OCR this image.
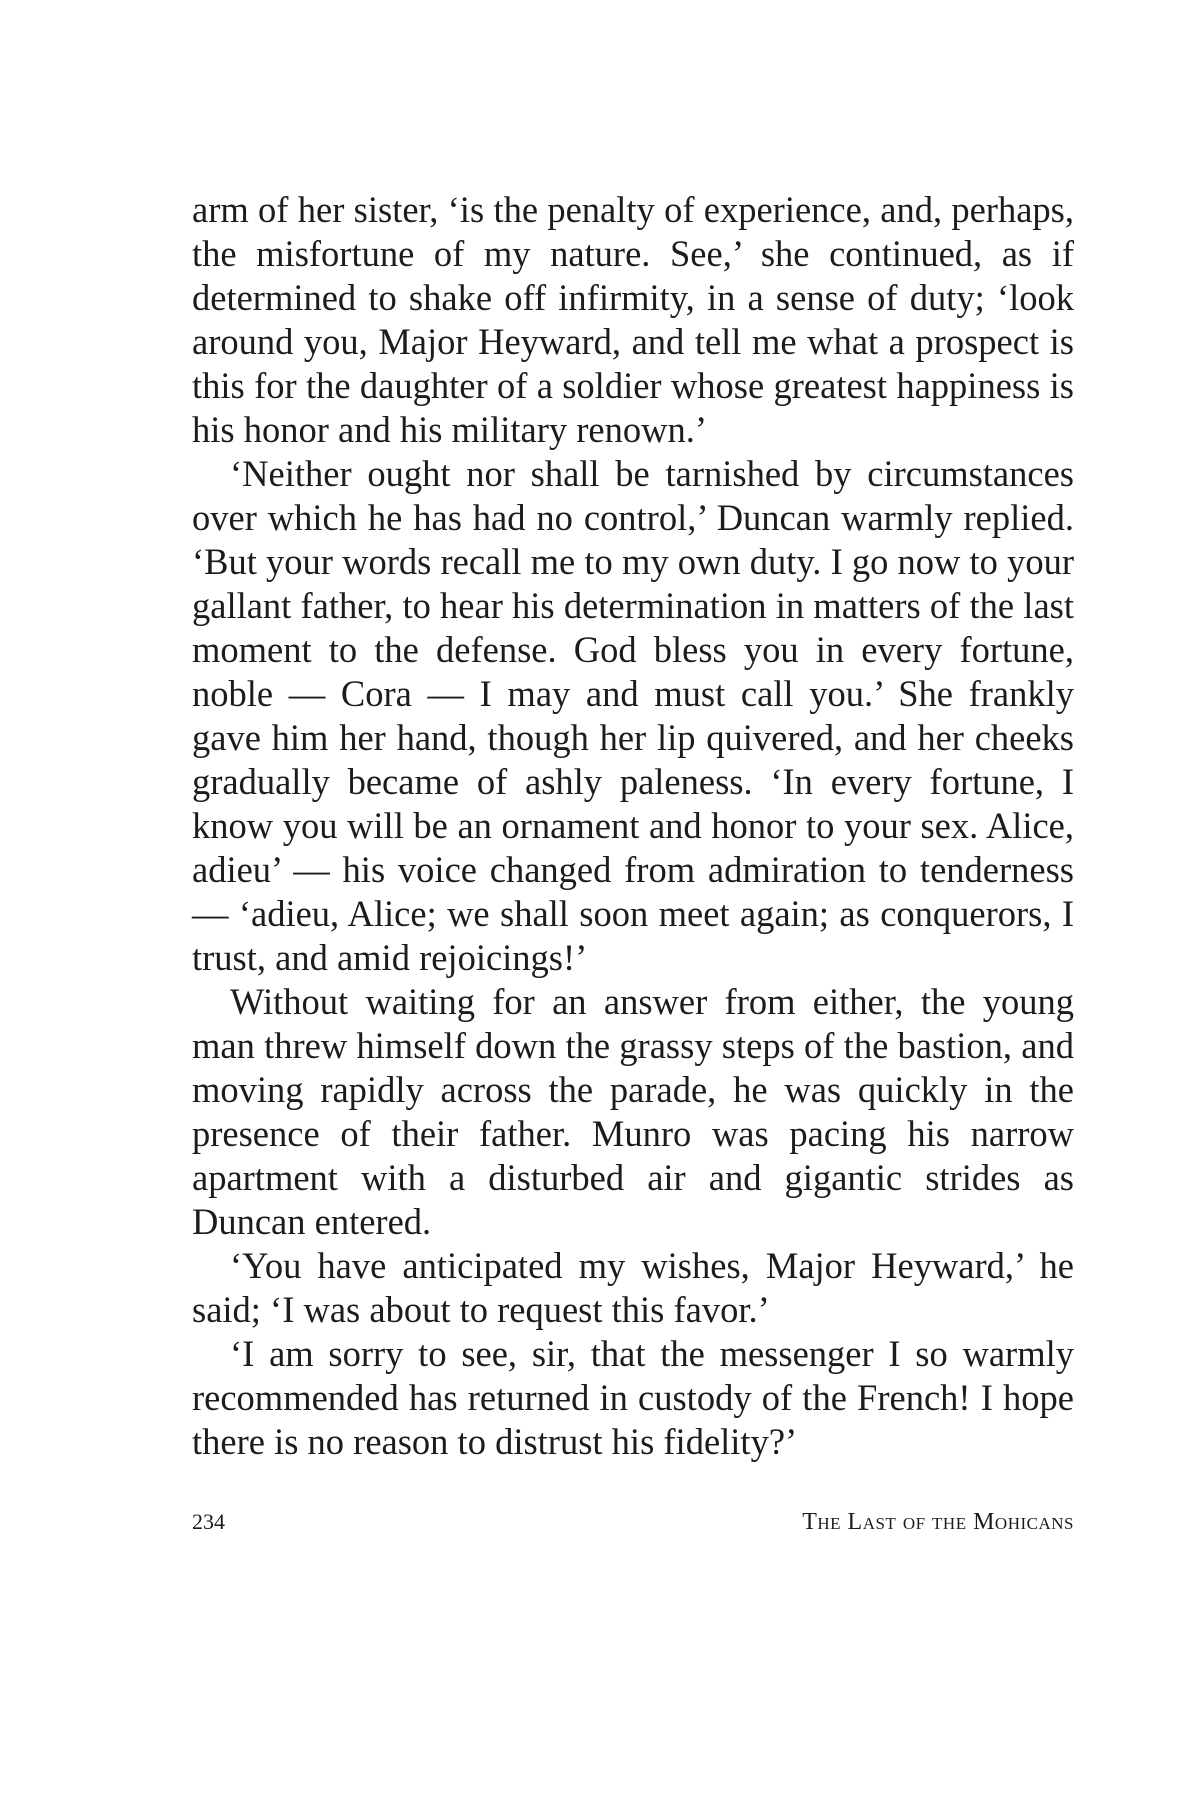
arm of her sister, ‘is the penalty of experience, and, perhaps, the misfortune of my nature. See,’ she continued, as if determined to shake off infirmity, in a sense of duty; ‘look around you, Major Heyward, and tell me what a prospect is this for the daughter of a soldier whose greatest happiness is his honor and his military renown.’

‘Neither ought nor shall be tarnished by circumstances over which he has had no control,’ Duncan warmly replied. ‘But your words recall me to my own duty. I go now to your gallant father, to hear his determination in matters of the last moment to the defense. God bless you in every fortune, noble — Cora — I may and must call you.’ She frankly gave him her hand, though her lip quivered, and her cheeks gradually became of ashly paleness. ‘In every fortune, I know you will be an ornament and honor to your sex. Alice, adieu’ — his voice changed from admiration to tenderness — ‘adieu, Alice; we shall soon meet again; as conquerors, I trust, and amid rejoicings!’

Without waiting for an answer from either, the young man threw himself down the grassy steps of the bastion, and moving rapidly across the parade, he was quickly in the presence of their father. Munro was pacing his narrow apartment with a disturbed air and gigantic strides as Duncan entered.

‘You have anticipated my wishes, Major Heyward,’ he said; ‘I was about to request this favor.’

‘I am sorry to see, sir, that the messenger I so warmly recommended has returned in custody of the French! I hope there is no reason to distrust his fidelity?’

234	The Last of the Mohicans
